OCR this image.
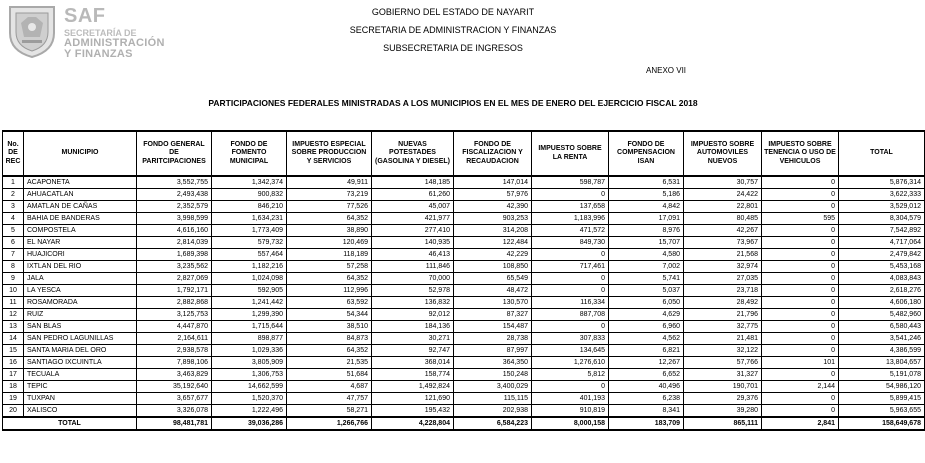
SAF
SECRETARÍA DE
ADMINISTRACIÓN
Y FINANZAS
GOBIERNO DEL ESTADO DE NAYARIT
SECRETARIA DE ADMINISTRACION Y FINANZAS
SUBSECRETARIA DE INGRESOS
ANEXO VII
PARTICIPACIONES FEDERALES MINISTRADAS A LOS MUNICIPIOS EN EL MES DE ENERO DEL EJERCICIO FISCAL 2018
No. DE REC	MUNICIPIO	FONDO GENERAL DE PARITCIPACIONES	FONDO DE FOMENTO MUNICIPAL	IMPUESTO ESPECIAL SOBRE PRODUCCION Y SERVICIOS	NUEVAS POTESTADES (GASOLINA Y DIESEL)	FONDO DE FISCALIZACION Y RECAUDACION	IMPUESTO SOBRE LA RENTA	FONDO DE COMPENSACION ISAN	IMPUESTO SOBRE AUTOMOVILES NUEVOS	IMPUESTO SOBRE TENENCIA O USO DE VEHICULOS	TOTAL
1	ACAPONETA	3,552,755	1,342,374	49,911	148,185	147,014	598,787	6,531	30,757	0	5,876,314
2	AHUACATLAN	2,493,438	900,832	73,219	61,260	57,976	0	5,186	24,422	0	3,622,333
3	AMATLAN DE CAÑAS	2,352,579	846,210	77,526	45,007	42,390	137,658	4,842	22,801	0	3,529,012
4	BAHIA DE BANDERAS	3,998,599	1,634,231	64,352	421,977	903,253	1,183,996	17,091	80,485	595	8,304,579
5	COMPOSTELA	4,616,160	1,773,409	38,890	277,410	314,208	471,572	8,976	42,267	0	7,542,892
6	EL NAYAR	2,814,039	579,732	120,469	140,935	122,484	849,730	15,707	73,967	0	4,717,064
7	HUAJICORI	1,689,398	557,464	118,189	46,413	42,229	0	4,580	21,568	0	2,479,842
8	IXTLAN DEL RIO	3,235,562	1,182,216	57,258	111,846	108,850	717,461	7,002	32,974	0	5,453,168
9	JALA	2,827,069	1,024,098	64,352	70,000	65,549	0	5,741	27,035	0	4,083,843
10	LA YESCA	1,792,171	592,905	112,996	52,978	48,472	0	5,037	23,718	0	2,618,276
11	ROSAMORADA	2,882,868	1,241,442	63,592	136,832	130,570	116,334	6,050	28,492	0	4,606,180
12	RUIZ	3,125,753	1,299,390	54,344	92,012	87,327	887,708	4,629	21,796	0	5,482,960
13	SAN BLAS	4,447,870	1,715,644	38,510	184,136	154,487	0	6,960	32,775	0	6,580,443
14	SAN PEDRO LAGUNILLAS	2,164,611	898,877	84,873	30,271	28,738	307,833	4,562	21,481	0	3,541,246
15	SANTA MARIA DEL ORO	2,938,578	1,029,336	64,352	92,747	87,997	134,645	6,821	32,122	0	4,386,599
16	SANTIAGO IXCUINTLA	7,898,106	3,805,909	21,535	368,014	364,350	1,276,610	12,267	57,766	101	13,804,657
17	TECUALA	3,463,829	1,306,753	51,684	158,774	150,248	5,812	6,652	31,327	0	5,191,078
18	TEPIC	35,192,640	14,662,599	4,687	1,492,824	3,400,029	0	40,496	190,701	2,144	54,986,120
19	TUXPAN	3,657,677	1,520,370	47,757	121,690	115,115	401,193	6,238	29,376	0	5,899,415
20	XALISCO	3,326,078	1,222,496	58,271	195,432	202,938	910,819	8,341	39,280	0	5,963,655
TOTAL		98,481,781	39,036,286	1,266,766	4,228,804	6,584,223	8,000,158	183,709	865,111	2,841	158,649,678
